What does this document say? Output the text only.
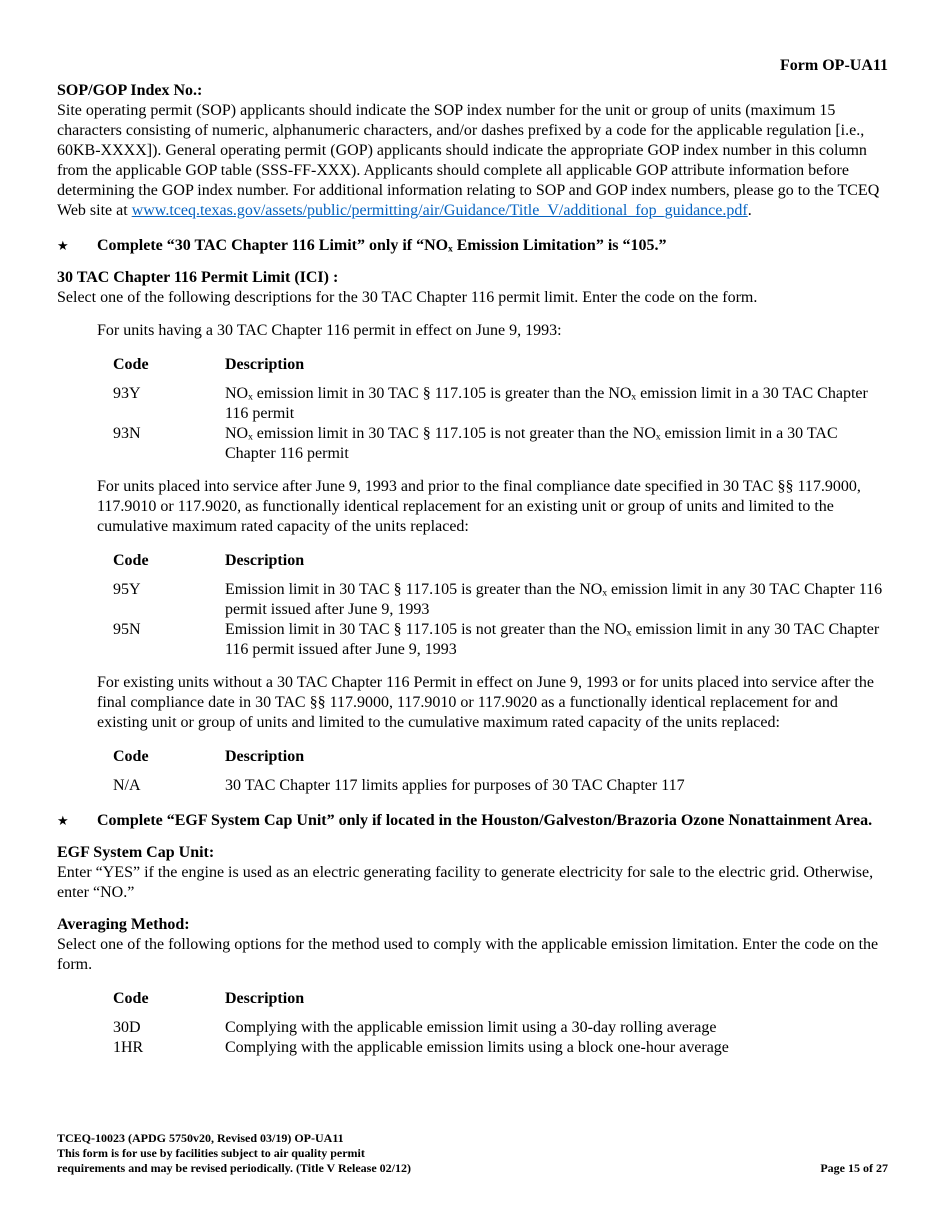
Form OP-UA11
SOP/GOP Index No.:

Site operating permit (SOP) applicants should indicate the SOP index number for the unit or group of units (maximum 15 characters consisting of numeric, alphanumeric characters, and/or dashes prefixed by a code for the applicable regulation [i.e., 60KB-XXXX]). General operating permit (GOP) applicants should indicate the appropriate GOP index number in this column from the applicable GOP table (SSS-FF-XXX). Applicants should complete all applicable GOP attribute information before determining the GOP index number. For additional information relating to SOP and GOP index numbers, please go to the TCEQ Web site at www.tceq.texas.gov/assets/public/permitting/air/Guidance/Title_V/additional_fop_guidance.pdf.

★	Complete “30 TAC Chapter 116 Limit” only if “NOₓ Emission Limitation” is “105.”
30 TAC Chapter 116 Permit Limit (ICI) :

Select one of the following descriptions for the 30 TAC Chapter 116 permit limit. Enter the code on the form.

For units having a 30 TAC Chapter 116 permit in effect on June 9, 1993:

Code	Description
93Y	NOₓ emission limit in 30 TAC § 117.105 is greater than the NOₓ emission limit in a 30 TAC Chapter 116 permit
93N	NOₓ emission limit in 30 TAC § 117.105 is not greater than the NOₓ emission limit in a 30 TAC Chapter 116 permit

For units placed into service after June 9, 1993 and prior to the final compliance date specified in 30 TAC §§ 117.9000, 117.9010 or 117.9020, as functionally identical replacement for an existing unit or group of units and limited to the cumulative maximum rated capacity of the units replaced:

Code	Description
95Y	Emission limit in 30 TAC § 117.105 is greater than the NOₓ emission limit in any 30 TAC Chapter 116 permit issued after June 9, 1993
95N	Emission limit in 30 TAC § 117.105 is not greater than the NOₓ emission limit in any 30 TAC Chapter 116 permit issued after June 9, 1993

For existing units without a 30 TAC Chapter 116 Permit in effect on June 9, 1993 or for units placed into service after the final compliance date in 30 TAC §§ 117.9000, 117.9010 or 117.9020 as a functionally identical replacement for and existing unit or group of units and limited to the cumulative maximum rated capacity of the units replaced:

Code	Description
N/A	30 TAC Chapter 117 limits applies for purposes of 30 TAC Chapter 117
★	Complete “EGF System Cap Unit” only if located in the Houston/Galveston/Brazoria Ozone Nonattainment Area.
EGF System Cap Unit:

Enter “YES” if the engine is used as an electric generating facility to generate electricity for sale to the electric grid. Otherwise, enter “NO.”

Averaging Method:

Select one of the following options for the method used to comply with the applicable emission limitation. Enter the code on the form.

Code	Description
30D	Complying with the applicable emission limit using a 30-day rolling average
1HR	Complying with the applicable emission limits using a block one-hour average
TCEQ-10023 (APDG 5750v20, Revised 03/19) OP-UA11
This form is for use by facilities subject to air quality permit
requirements and may be revised periodically. (Title V Release 02/12)	Page 15 of 27
